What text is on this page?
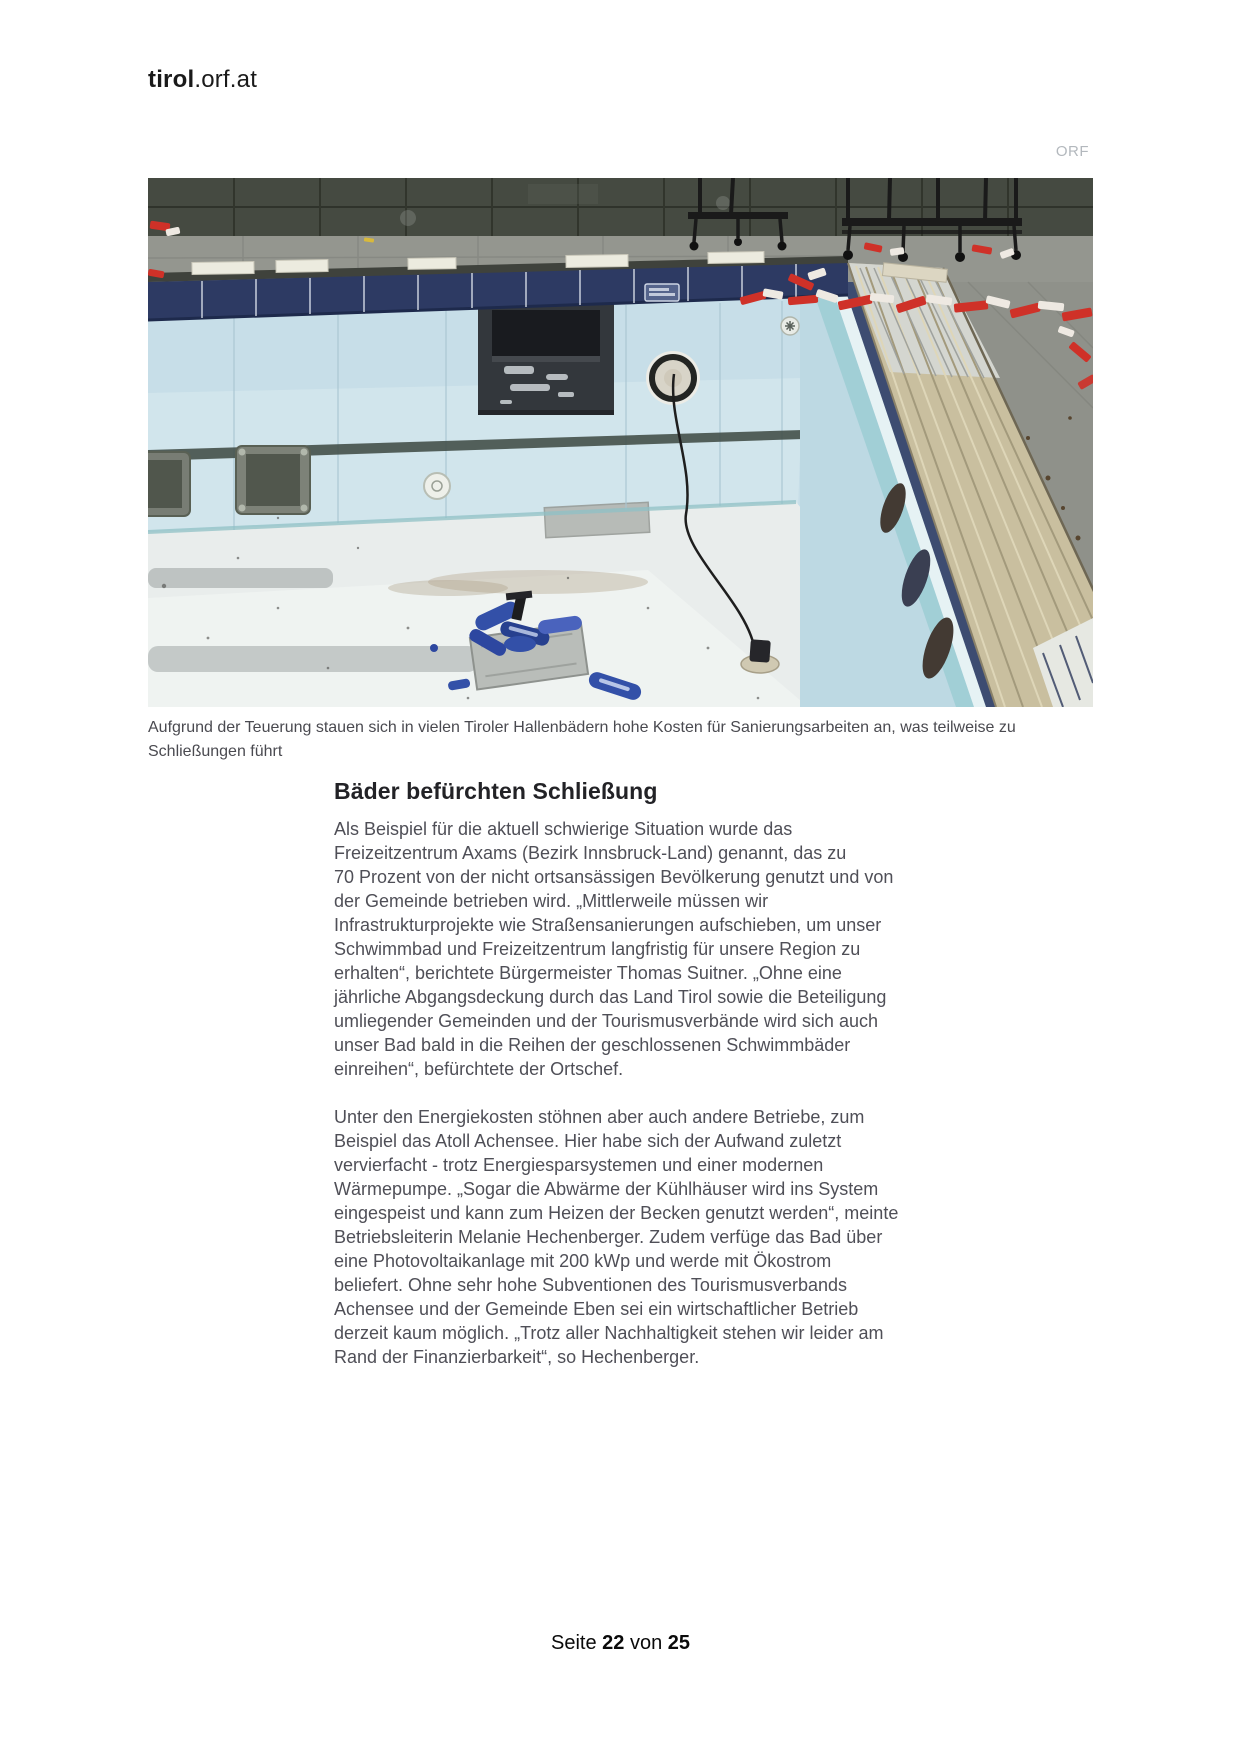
tirol.orf.at
ORF
Aufgrund der Teuerung stauen sich in vielen Tiroler Hallenbädern hohe Kosten für Sanierungsarbeiten an, was teilweise zu
Schließungen führt
Bäder befürchten Schließung

Als Beispiel für die aktuell schwierige Situation wurde das
Freizeitzentrum Axams (Bezirk Innsbruck-Land) genannt, das zu
70 Prozent von der nicht ortsansässigen Bevölkerung genutzt und von
der Gemeinde betrieben wird. „Mittlerweile müssen wir
Infrastrukturprojekte wie Straßensanierungen aufschieben, um unser
Schwimmbad und Freizeitzentrum langfristig für unsere Region zu
erhalten“, berichtete Bürgermeister Thomas Suitner. „Ohne eine
jährliche Abgangsdeckung durch das Land Tirol sowie die Beteiligung
umliegender Gemeinden und der Tourismusverbände wird sich auch
unser Bad bald in die Reihen der geschlossenen Schwimmbäder
einreihen“, befürchtete der Ortschef.

Unter den Energiekosten stöhnen aber auch andere Betriebe, zum
Beispiel das Atoll Achensee. Hier habe sich der Aufwand zuletzt
vervierfacht - trotz Energiesparsystemen und einer modernen
Wärmepumpe. „Sogar die Abwärme der Kühlhäuser wird ins System
eingespeist und kann zum Heizen der Becken genutzt werden“, meinte
Betriebsleiterin Melanie Hechenberger. Zudem verfüge das Bad über
eine Photovoltaikanlage mit 200 kWp und werde mit Ökostrom
beliefert. Ohne sehr hohe Subventionen des Tourismusverbands
Achensee und der Gemeinde Eben sei ein wirtschaftlicher Betrieb
derzeit kaum möglich. „Trotz aller Nachhaltigkeit stehen wir leider am
Rand der Finanzierbarkeit“, so Hechenberger.

Seite 22 von 25
